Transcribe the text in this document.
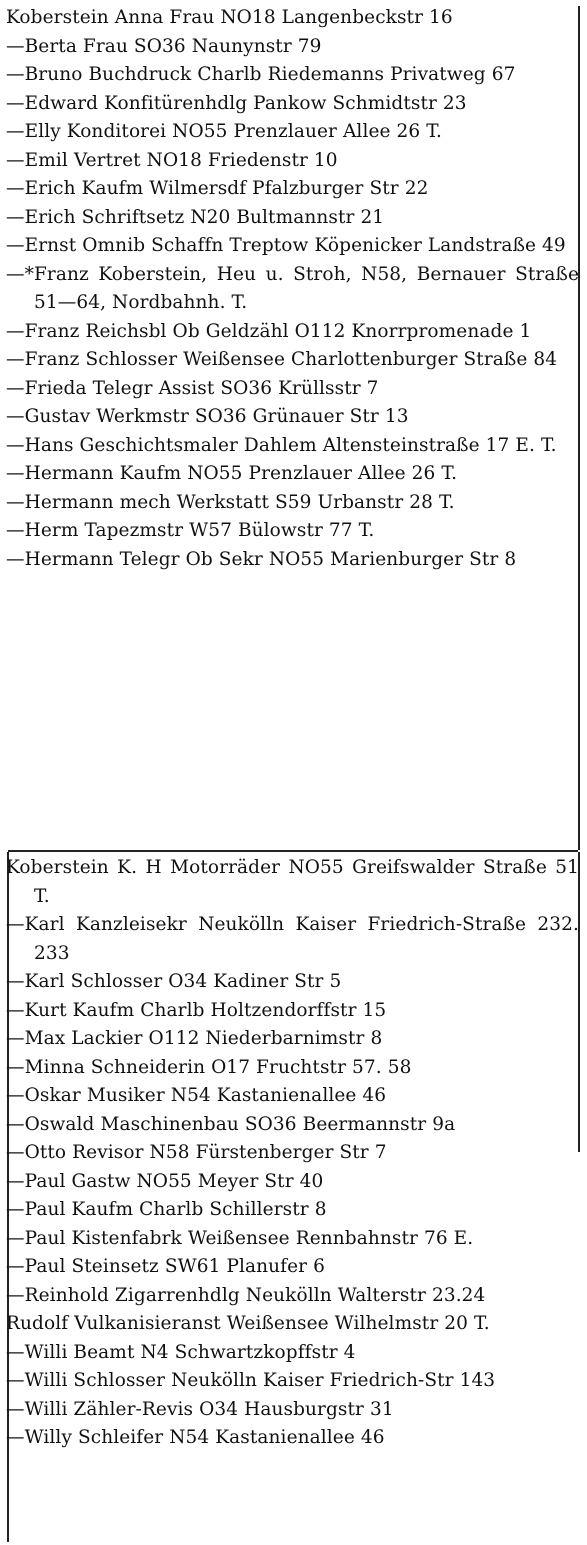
Koberstein Anna Frau NO18 Langenbeckstr 16
—Berta Frau SO36 Naunynstr 79
—Bruno Buchdruck Charlb Riedemanns Privatweg 67
—Edward Konfitürenhdlg Pankow Schmidtstr 23
—Elly Konditorei NO55 Prenzlauer Allee 26 T.
—Emil Vertret NO18 Friedenstr 10
—Erich Kaufm Wilmersdf Pfalzburger Str 22
—Erich Schriftsetz N20 Bultmannstr 21
—Ernst Omnib Schaffn Treptow Köpenicker Landstraße 49
—*Franz Koberstein, Heu u. Stroh, N58, Bernauer Straße 51—64, Nordbahnh. T.
—Franz Reichsbl Ob Geldzähl O112 Knorrpromenade 1
—Franz Schlosser Weißensee Charlottenburger Straße 84
—Frieda Telegr Assist SO36 Krüllsstr 7
—Gustav Werkmstr SO36 Grünauer Str 13
—Hans Geschichtsmaler Dahlem Altensteinstraße 17 E. T.
—Hermann Kaufm NO55 Prenzlauer Allee 26 T.
—Hermann mech Werkstatt S59 Urbanstr 28 T.
—Herm Tapezmstr W57 Bülowstr 77 T.
—Hermann Telegr Ob Sekr NO55 Marienburger Str 8
Koberstein K. H Motorräder NO55 Greifswalder Straße 51 T.
—Karl Kanzleisekr Neukölln Kaiser Friedrich-Straße 232. 233
—Karl Schlosser O34 Kadiner Str 5
—Kurt Kaufm Charlb Holtzendorffstr 15
—Max Lackier O112 Niederbarnimstr 8
—Minna Schneiderin O17 Fruchtstr 57. 58
—Oskar Musiker N54 Kastanienallee 46
—Oswald Maschinenbau SO36 Beermannstr 9a
—Otto Revisor N58 Fürstenberger Str 7
—Paul Gastw NO55 Meyer Str 40
—Paul Kaufm Charlb Schillerstr 8
—Paul Kistenfabrk Weißensee Rennbahnstr 76 E.
—Paul Steinsetz SW61 Planufer 6
—Reinhold Zigarrenhdlg Neukölln Walterstr 23.24
Rudolf Vulkanisieranst Weißensee Wilhelmstr 20 T.
—Willi Beamt N4 Schwartzkopffstr 4
—Willi Schlosser Neukölln Kaiser Friedrich-Str 143
—Willi Zähler-Revis O34 Hausburgstr 31
—Willy Schleifer N54 Kastanienallee 46
